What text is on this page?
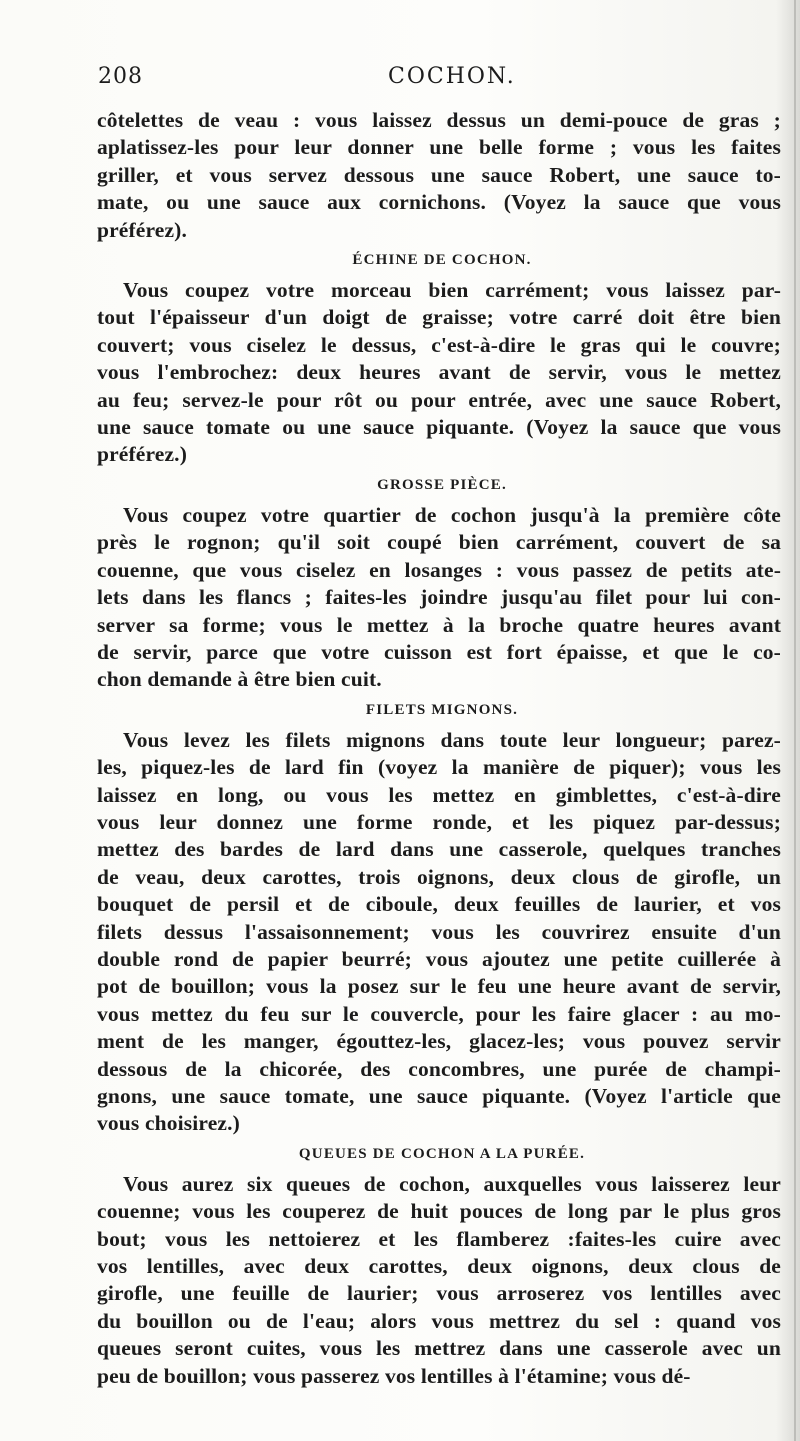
208	COCHON.
côtelettes de veau : vous laissez dessus un demi-pouce de gras ;
aplatissez-les pour leur donner une belle forme ; vous les faites
griller, et vous servez dessous une sauce Robert, une sauce to-
mate, ou une sauce aux cornichons. (Voyez la sauce que vous
préférez).
ÉCHINE DE COCHON.
Vous coupez votre morceau bien carrément; vous laissez par-
tout l'épaisseur d'un doigt de graisse; votre carré doit être bien
couvert; vous ciselez le dessus, c'est-à-dire le gras qui le couvre;
vous l'embrochez: deux heures avant de servir, vous le mettez
au feu; servez-le pour rôt ou pour entrée, avec une sauce Robert,
une sauce tomate ou une sauce piquante. (Voyez la sauce que vous
préférez.)
GROSSE PIÈCE.
Vous coupez votre quartier de cochon jusqu'à la première côte
près le rognon; qu'il soit coupé bien carrément, couvert de sa
couenne, que vous ciselez en losanges : vous passez de petits ate-
lets dans les flancs ; faites-les joindre jusqu'au filet pour lui con-
server sa forme; vous le mettez à la broche quatre heures avant
de servir, parce que votre cuisson est fort épaisse, et que le co-
chon demande à être bien cuit.
FILETS MIGNONS.
Vous levez les filets mignons dans toute leur longueur; parez-
les, piquez-les de lard fin (voyez la manière de piquer); vous les
laissez en long, ou vous les mettez en gimblettes, c'est-à-dire
vous leur donnez une forme ronde, et les piquez par-dessus;
mettez des bardes de lard dans une casserole, quelques tranches
de veau, deux carottes, trois oignons, deux clous de girofle, un
bouquet de persil et de ciboule, deux feuilles de laurier, et vos
filets dessus l'assaisonnement; vous les couvrirez ensuite d'un
double rond de papier beurré; vous ajoutez une petite cuillerée à
pot de bouillon; vous la posez sur le feu une heure avant de servir,
vous mettez du feu sur le couvercle, pour les faire glacer : au mo-
ment de les manger, égouttez-les, glacez-les; vous pouvez servir
dessous de la chicorée, des concombres, une purée de champi-
gnons, une sauce tomate, une sauce piquante. (Voyez l'article que
vous choisirez.)
QUEUES DE COCHON A LA PURÉE.
Vous aurez six queues de cochon, auxquelles vous laisserez leur
couenne; vous les couperez de huit pouces de long par le plus gros
bout; vous les nettoierez et les flamberez :faites-les cuire avec
vos lentilles, avec deux carottes, deux oignons, deux clous de
girofle, une feuille de laurier; vous arroserez vos lentilles avec
du bouillon ou de l'eau; alors vous mettrez du sel : quand vos
queues seront cuites, vous les mettrez dans une casserole avec un
peu de bouillon; vous passerez vos lentilles à l'étamine; vous dé-
